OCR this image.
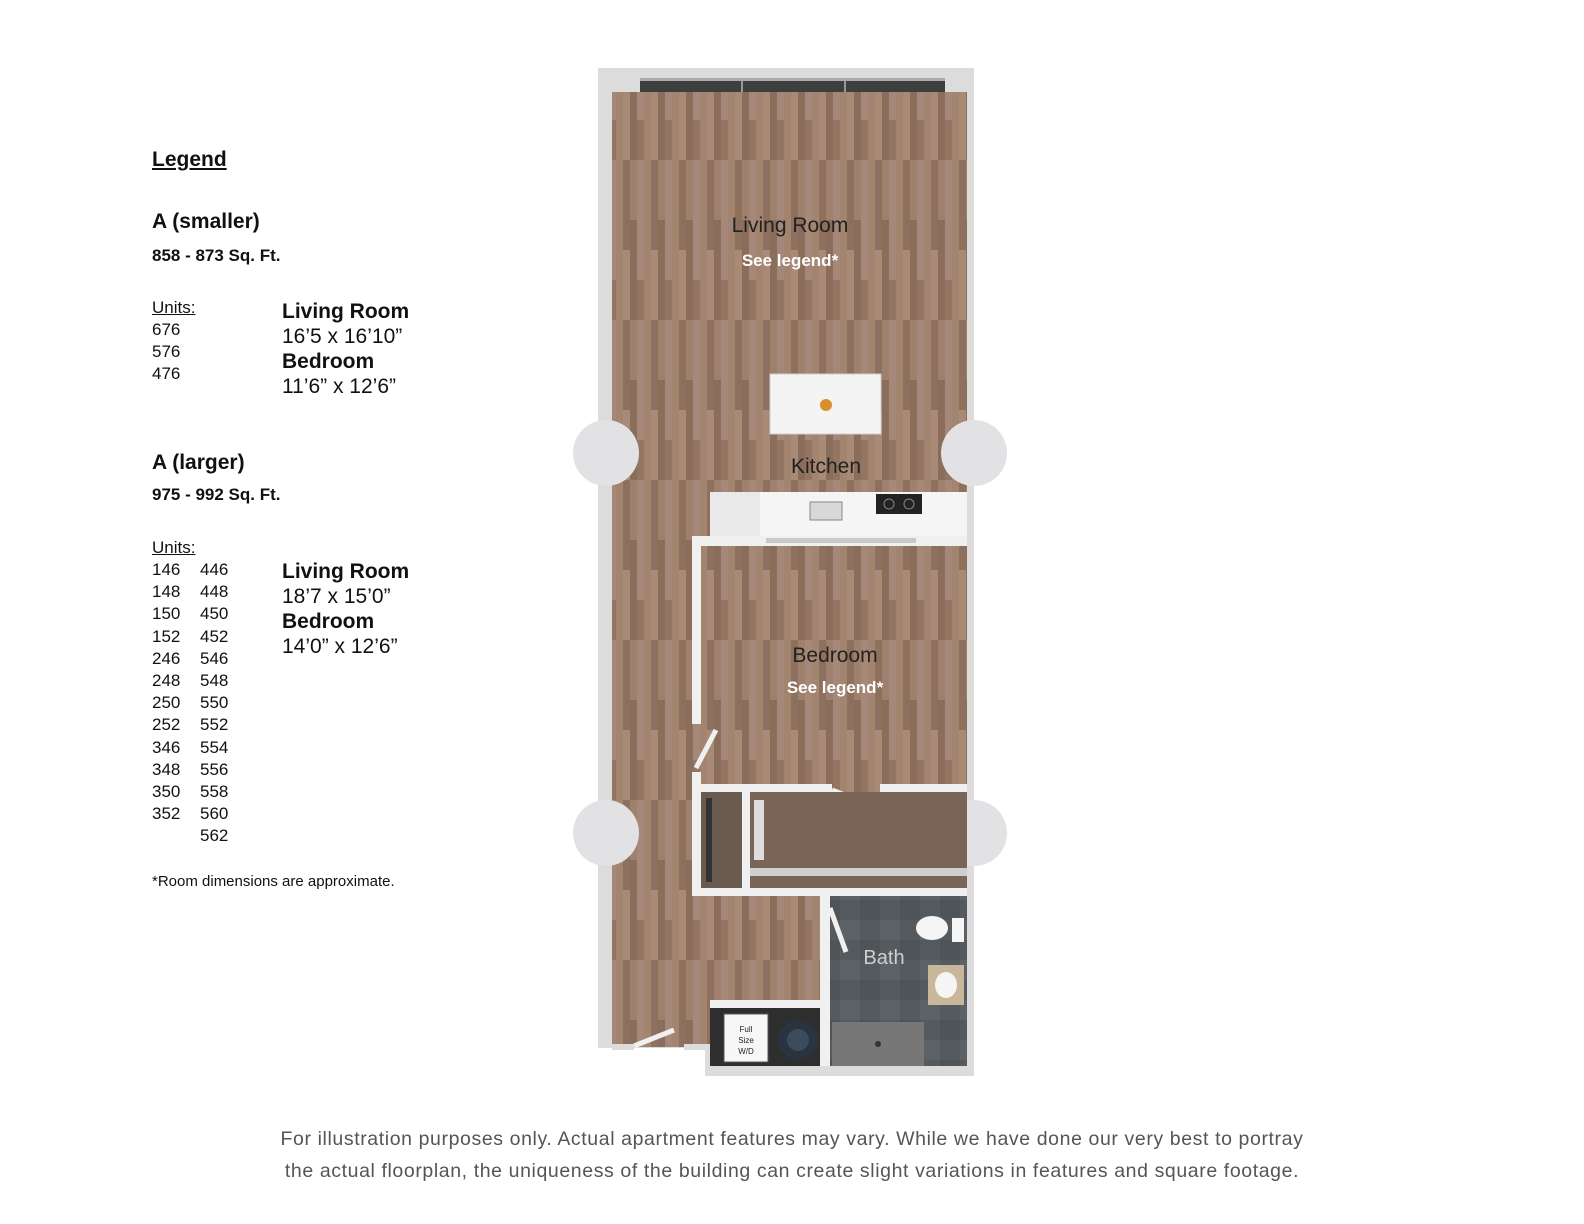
Legend
A (smaller)
858 - 873 Sq. Ft.
Units:
676
576
476
Living Room
16’5 x 16’10”
Bedroom
11’6” x 12’6”
A (larger)
975 - 992 Sq. Ft.
Units:
146
148
150
152
246
248
250
252
346
348
350
352
446
448
450
452
546
548
550
552
554
556
558
560
562
Living Room
18’7 x 15’0”
Bedroom
14’0” x 12’6”
*Room dimensions are approximate.
Living Room
See legend*
Kitchen
Bedroom
See legend*
Bath
Full
Size
W/D
For illustration purposes only. Actual apartment features may vary. While we have done our very best to portray
the actual floorplan, the uniqueness of the building can create slight variations in features and square footage.
